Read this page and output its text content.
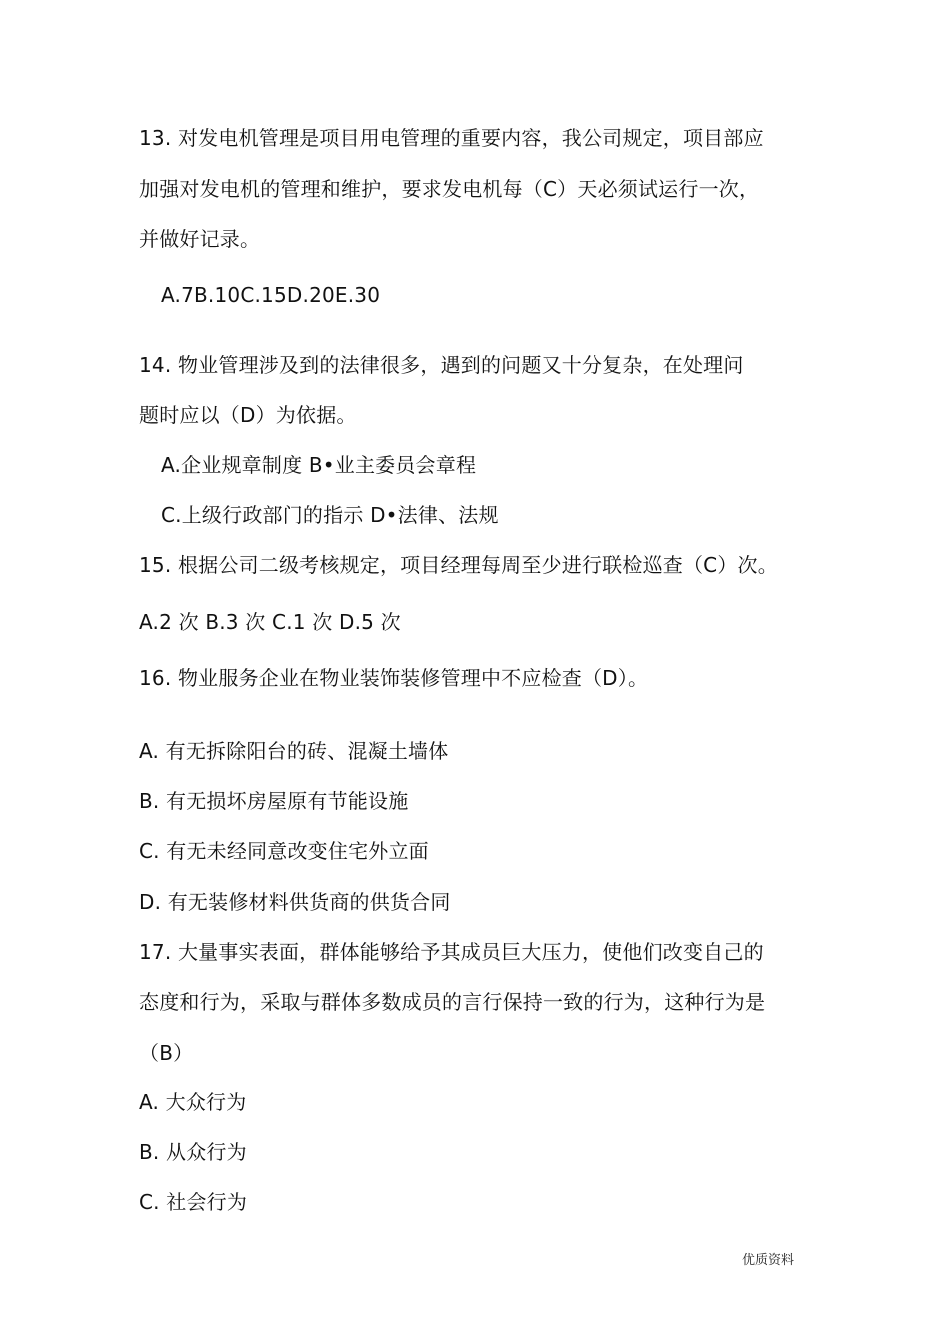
13. 对发电机管理是项目用电管理的重要内容，我公司规定，项目部应
加强对发电机的管理和维护，要求发电机每（C）天必须试运行一次，
并做好记录。
A.7B.10C.15D.20E.30
14. 物业管理涉及到的法律很多，遇到的问题又十分复杂，在处理问
题时应以（D）为依据。
A.企业规章制度 B•业主委员会章程
C.上级行政部门的指示 D•法律、法规
15. 根据公司二级考核规定，项目经理每周至少进行联检巡查（C）次。
A.2 次 B.3 次 C.1 次 D.5 次
16. 物业服务企业在物业装饰装修管理中不应检查（D）。
A. 有无拆除阳台的砖、混凝土墙体
B. 有无损坏房屋原有节能设施
C. 有无未经同意改变住宅外立面
D. 有无装修材料供货商的供货合同
17. 大量事实表面，群体能够给予其成员巨大压力，使他们改变自己的
态度和行为，采取与群体多数成员的言行保持一致的行为，这种行为是
（B）
A. 大众行为
B. 从众行为
C. 社会行为
优质资料
